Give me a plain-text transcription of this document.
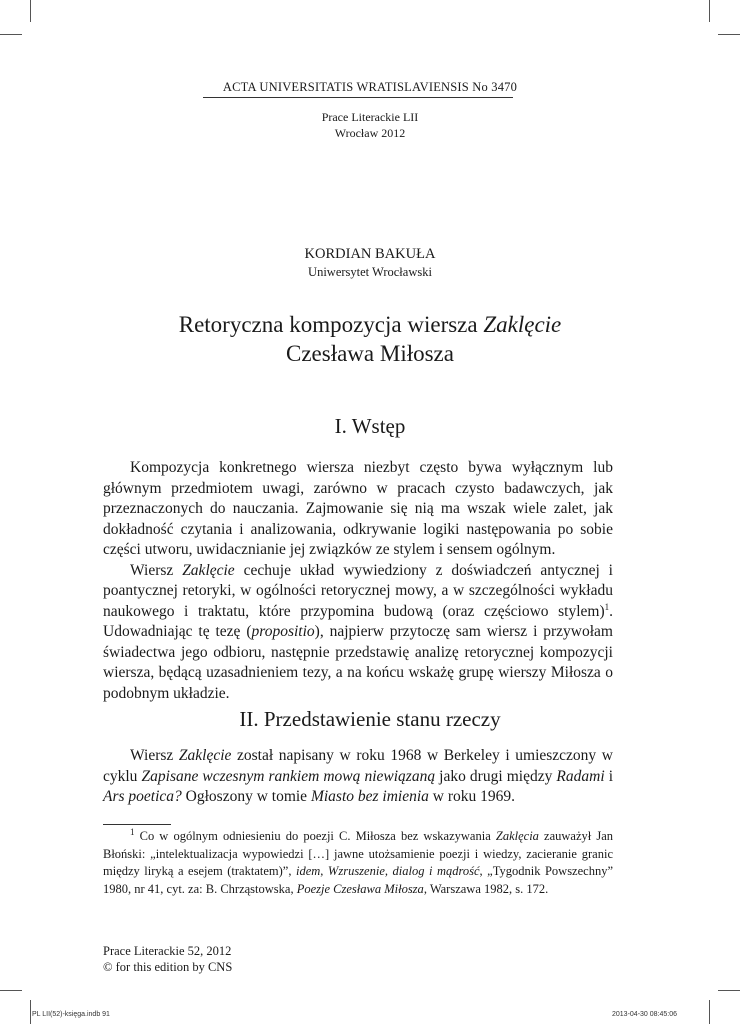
ACTA UNIVERSITATIS WRATISLAVIENSIS No 3470
Prace Literackie LII
Wrocław 2012
KORDIAN BAKUŁA
Uniwersytet Wrocławski
Retoryczna kompozycja wiersza Zaklęcie
Czesława Miłosza
I. Wstęp

Kompozycja konkretnego wiersza niezbyt często bywa wyłącznym lub głównym przedmiotem uwagi, zarówno w pracach czysto badawczych, jak przeznaczonych do nauczania. Zajmowanie się nią ma wszak wiele zalet, jak dokładność czytania i analizowania, odkrywanie logiki następowania po sobie części utworu, uwidacznianie jej związków ze stylem i sensem ogólnym.

Wiersz Zaklęcie cechuje układ wywiedziony z doświadczeń antycznej i poantycznej retoryki, w ogólności retorycznej mowy, a w szczególności wykładu naukowego i traktatu, które przypomina budową (oraz częściowo stylem)$^1$. Udowadniając tę tezę (propositio), najpierw przytoczę sam wiersz i przywołam świadectwa jego odbioru, następnie przedstawię analizę retorycznej kompozycji wiersza, będącą uzasadnieniem tezy, a na końcu wskażę grupę wierszy Miłosza o podobnym układzie.

II. Przedstawienie stanu rzeczy

Wiersz Zaklęcie został napisany w roku 1968 w Berkeley i umieszczony w cyklu Zapisane wczesnym rankiem mową niewiązaną jako drugi między Radami i Ars poetica? Ogłoszony w tomie Miasto bez imienia w roku 1969.

$^1$ Co w ogólnym odniesieniu do poezji C. Miłosza bez wskazywania Zaklęcia zauważył Jan Błoński: „intelektualizacja wypowiedzi […] jawne utożsamienie poezji i wiedzy, zacieranie granic między liryką a esejem (traktatem)”, idem, Wzruszenie, dialog i mądrość, „Tygodnik Powszechny” 1980, nr 41, cyt. za: B. Chrząstowska, Poezje Czesława Miłosza, Warszawa 1982, s. 172.

Prace Literackie 52, 2012
© for this edition by CNS
PL LII(52)-księga.indb 91	2013-04-30 08:45:06
